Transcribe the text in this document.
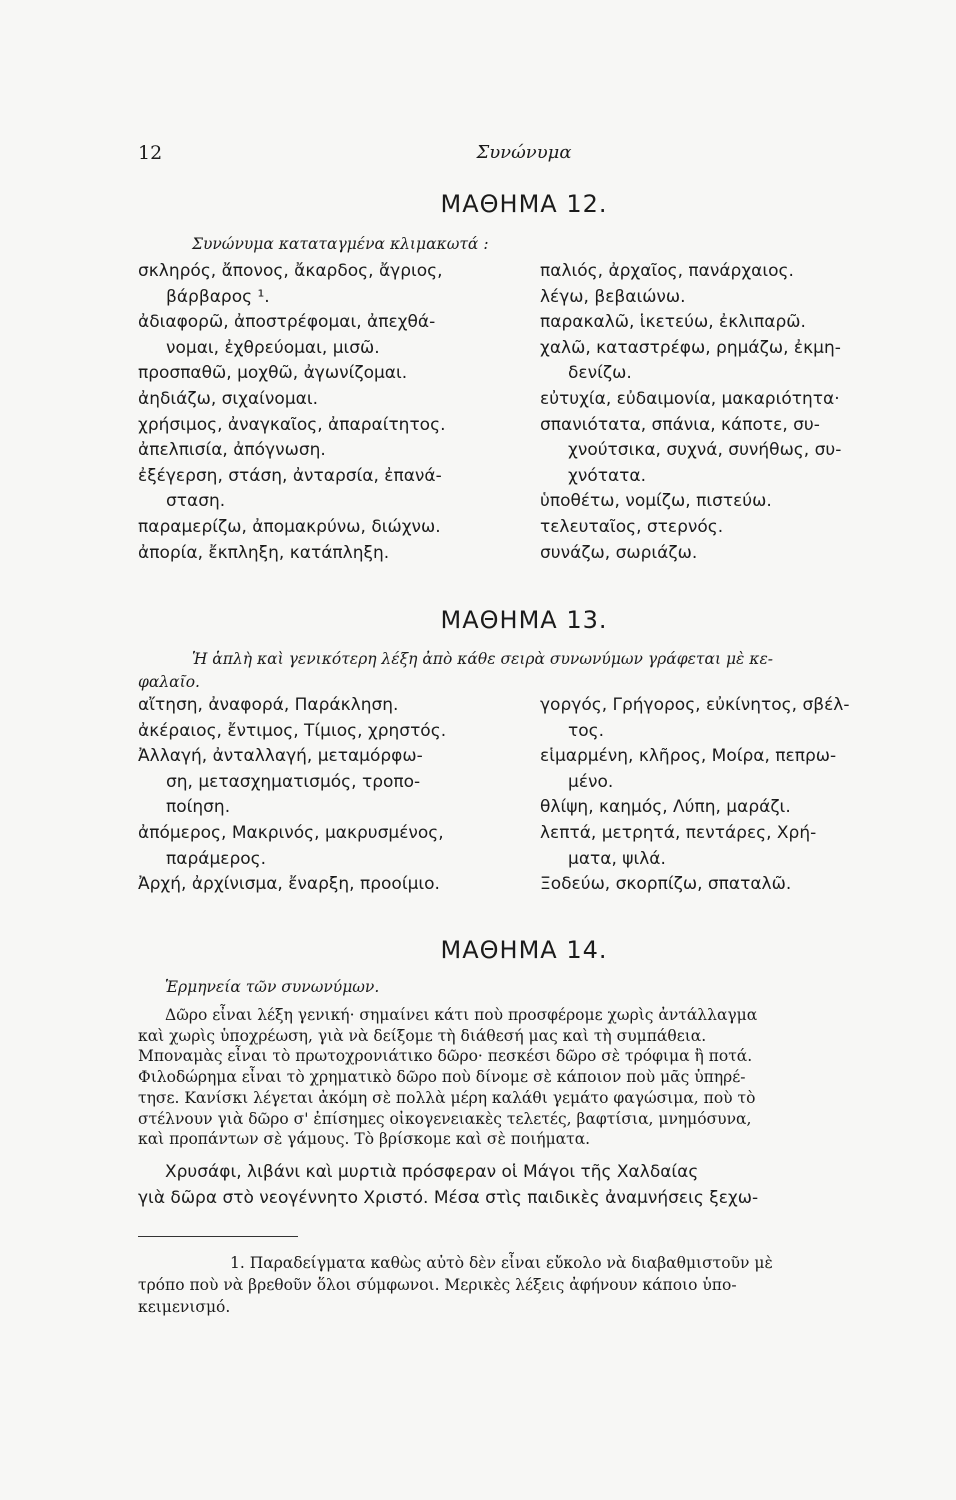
12	Συνώνυμα
ΜΑΘΗΜΑ 12.
Συνώνυμα καταταγμένα κλιμακωτά :
σκληρός, ἄπονος, ἄκαρδος, ἄγριος,
βάρβαρος ¹.
ἀδιαφορῶ, ἀποστρέφομαι, ἀπεχθά-
νομαι, ἐχθρεύομαι, μισῶ.
προσπαθῶ, μοχθῶ, ἀγωνίζομαι.
ἀηδιάζω, σιχαίνομαι.
χρήσιμος, ἀναγκαῖος, ἀπαραίτητος.
ἀπελπισία, ἀπόγνωση.
ἐξέγερση, στάση, ἀνταρσία, ἐπανά-
σταση.
παραμερίζω, ἀπομακρύνω, διώχνω.
ἀπορία, ἔκπληξη, κατάπληξη.
παλιός, ἀρχαῖος, πανάρχαιος.
λέγω, βεβαιώνω.
παρακαλῶ, ἱκετεύω, ἐκλιπαρῶ.
χαλῶ, καταστρέφω, ρημάζω, ἐκμη-
δενίζω.
εὐτυχία, εὐδαιμονία, μακαριότητα·
σπανιότατα, σπάνια, κάποτε, συ-
χνούτσικα, συχνά, συνήθως, συ-
χνότατα.
ὑποθέτω, νομίζω, πιστεύω.
τελευταῖος, στερνός.
συνάζω, σωριάζω.
ΜΑΘΗΜΑ 13.
Ἡ ἁπλὴ καὶ γενικότερη λέξη ἀπὸ κάθε σειρὰ συνωνύμων γράφεται μὲ κε-
φαλαῖο.
αἴτηση, ἀναφορά, Παράκληση.
ἀκέραιος, ἔντιμος, Τίμιος, χρηστός.
Ἀλλαγή, ἀνταλλαγή, μεταμόρφω-
ση, μετασχηματισμός, τροπο-
ποίηση.
ἀπόμερος, Μακρινός, μακρυσμένος,
παράμερος.
Ἀρχή, ἀρχίνισμα, ἔναρξη, προοίμιο.
γοργός, Γρήγορος, εὐκίνητος, σβέλ-
τος.
εἱμαρμένη, κλῆρος, Μοίρα, πεπρω-
μένο.
θλίψη, καημός, Λύπη, μαράζι.
λεπτά, μετρητά, πεντάρες, Χρή-
ματα, ψιλά.
Ξοδεύω, σκορπίζω, σπαταλῶ.
ΜΑΘΗΜΑ 14.
Ἑρμηνεία τῶν συνωνύμων.
Δῶρο εἶναι λέξη γενική· σημαίνει κάτι ποὺ προσφέρομε χωρὶς ἀντάλλαγμα
καὶ χωρὶς ὑποχρέωση, γιὰ νὰ δείξομε τὴ διάθεσή μας καὶ τὴ συμπάθεια.
Μποναμὰς εἶναι τὸ πρωτοχρονιάτικο δῶρο· πεσκέσι δῶρο σὲ τρόφιμα ἢ ποτά.
Φιλοδώρημα εἶναι τὸ χρηματικὸ δῶρο ποὺ δίνομε σὲ κάποιον ποὺ μᾶς ὑπηρέ-
τησε. Κανίσκι λέγεται ἀκόμη σὲ πολλὰ μέρη καλάθι γεμάτο φαγώσιμα, ποὺ τὸ
στέλνουν γιὰ δῶρο σ' ἐπίσημες οἰκογενειακὲς τελετές, βαφτίσια, μνημόσυνα,
καὶ προπάντων σὲ γάμους. Τὸ βρίσκομε καὶ σὲ ποιήματα.
Χρυσάφι, λιβάνι καὶ μυρτιὰ πρόσφεραν οἱ Μάγοι τῆς Χαλδαίας
γιὰ δῶρα στὸ νεογέννητο Χριστό. Μέσα στὶς παιδικὲς ἀναμνήσεις ξεχω-
1. Παραδείγματα καθὼς αὐτὸ δὲν εἶναι εὔκολο νὰ διαβαθμιστοῦν μὲ
τρόπο ποὺ νὰ βρεθοῦν ὅλοι σύμφωνοι. Μερικὲς λέξεις ἀφήνουν κάποιο ὑπο-
κειμενισμό.
